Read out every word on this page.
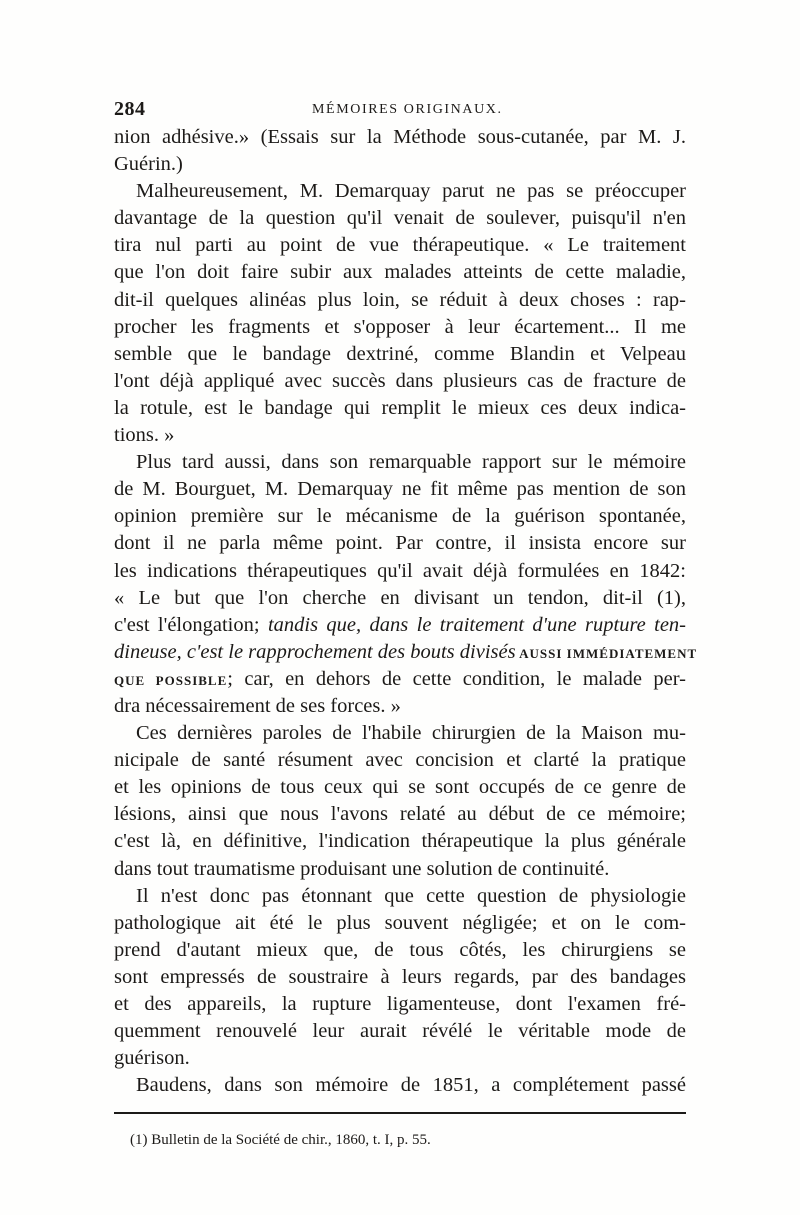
284	MÉMOIRES ORIGINAUX.
nion adhésive.» (Essais sur la Méthode sous-cutanée, par M. J.
Guérin.)
Malheureusement, M. Demarquay parut ne pas se préoccuper
davantage de la question qu'il venait de soulever, puisqu'il n'en
tira nul parti au point de vue thérapeutique. « Le traitement
que l'on doit faire subir aux malades atteints de cette maladie,
dit-il quelques alinéas plus loin, se réduit à deux choses : rap-
procher les fragments et s'opposer à leur écartement... Il me
semble que le bandage dextriné, comme Blandin et Velpeau
l'ont déjà appliqué avec succès dans plusieurs cas de fracture de
la rotule, est le bandage qui remplit le mieux ces deux indica-
tions. »
Plus tard aussi, dans son remarquable rapport sur le mémoire
de M. Bourguet, M. Demarquay ne fit même pas mention de son
opinion première sur le mécanisme de la guérison spontanée,
dont il ne parla même point. Par contre, il insista encore sur
les indications thérapeutiques qu'il avait déjà formulées en 1842:
« Le but que l'on cherche en divisant un tendon, dit-il (1),
c'est l'élongation; tandis que, dans le traitement d'une rupture ten-
dineuse, c'est le rapprochement des bouts divisés AUSSI IMMÉDIATEMENT
QUE POSSIBLE; car, en dehors de cette condition, le malade per-
dra nécessairement de ses forces. »
Ces dernières paroles de l'habile chirurgien de la Maison mu-
nicipale de santé résument avec concision et clarté la pratique
et les opinions de tous ceux qui se sont occupés de ce genre de
lésions, ainsi que nous l'avons relaté au début de ce mémoire;
c'est là, en définitive, l'indication thérapeutique la plus générale
dans tout traumatisme produisant une solution de continuité.
Il n'est donc pas étonnant que cette question de physiologie
pathologique ait été le plus souvent négligée; et on le com-
prend d'autant mieux que, de tous côtés, les chirurgiens se
sont empressés de soustraire à leurs regards, par des bandages
et des appareils, la rupture ligamenteuse, dont l'examen fré-
quemment renouvelé leur aurait révélé le véritable mode de
guérison.
Baudens, dans son mémoire de 1851, a complétement passé
(1) Bulletin de la Société de chir., 1860, t. I, p. 55.
